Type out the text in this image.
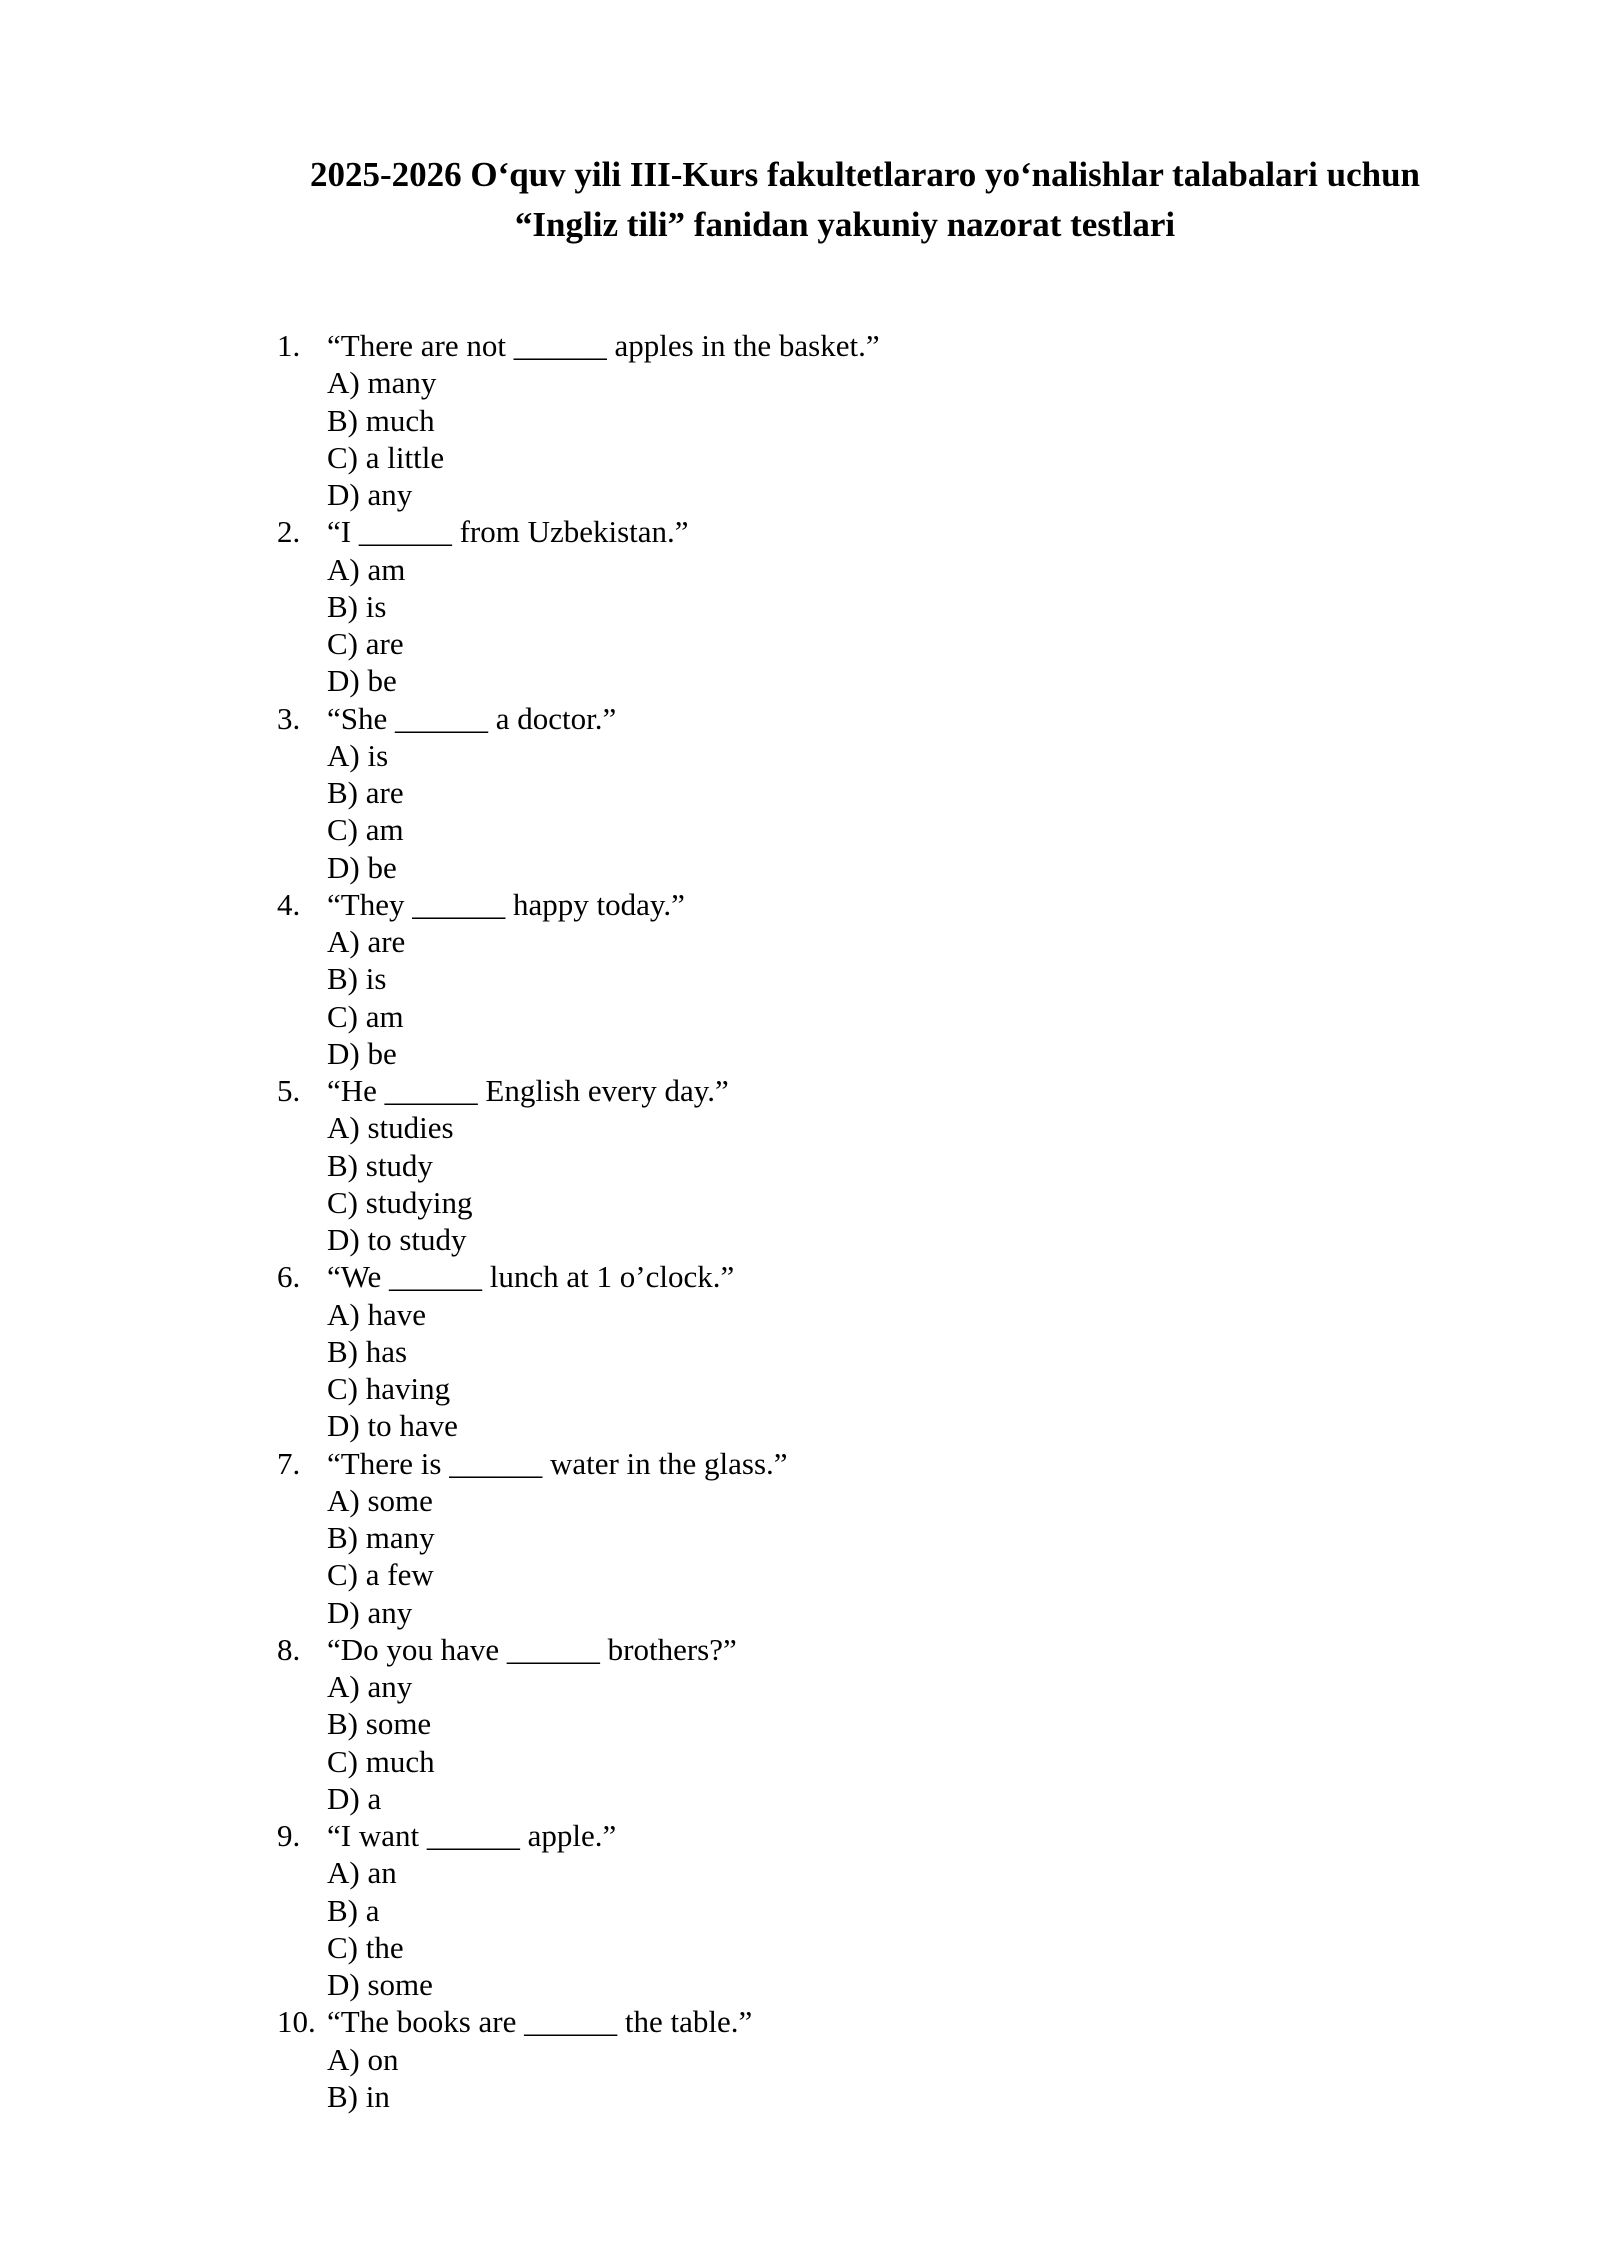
2025-2026 O‘quv yili III-Kurs fakultetlararo yo‘nalishlar talabalari uchun
“Ingliz tili” fanidan yakuniy nazorat testlari
1. “There are not ______ apples in the basket.”
A) many
B) much
C) a little
D) any
2. “I ______ from Uzbekistan.”
A) am
B) is
C) are
D) be
3. “She ______ a doctor.”
A) is
B) are
C) am
D) be
4. “They ______ happy today.”
A) are
B) is
C) am
D) be
5. “He ______ English every day.”
A) studies
B) study
C) studying
D) to study
6. “We ______ lunch at 1 o’clock.”
A) have
B) has
C) having
D) to have
7. “There is ______ water in the glass.”
A) some
B) many
C) a few
D) any
8. “Do you have ______ brothers?”
A) any
B) some
C) much
D) a
9. “I want ______ apple.”
A) an
B) a
C) the
D) some
10. “The books are ______ the table.”
A) on
B) in
